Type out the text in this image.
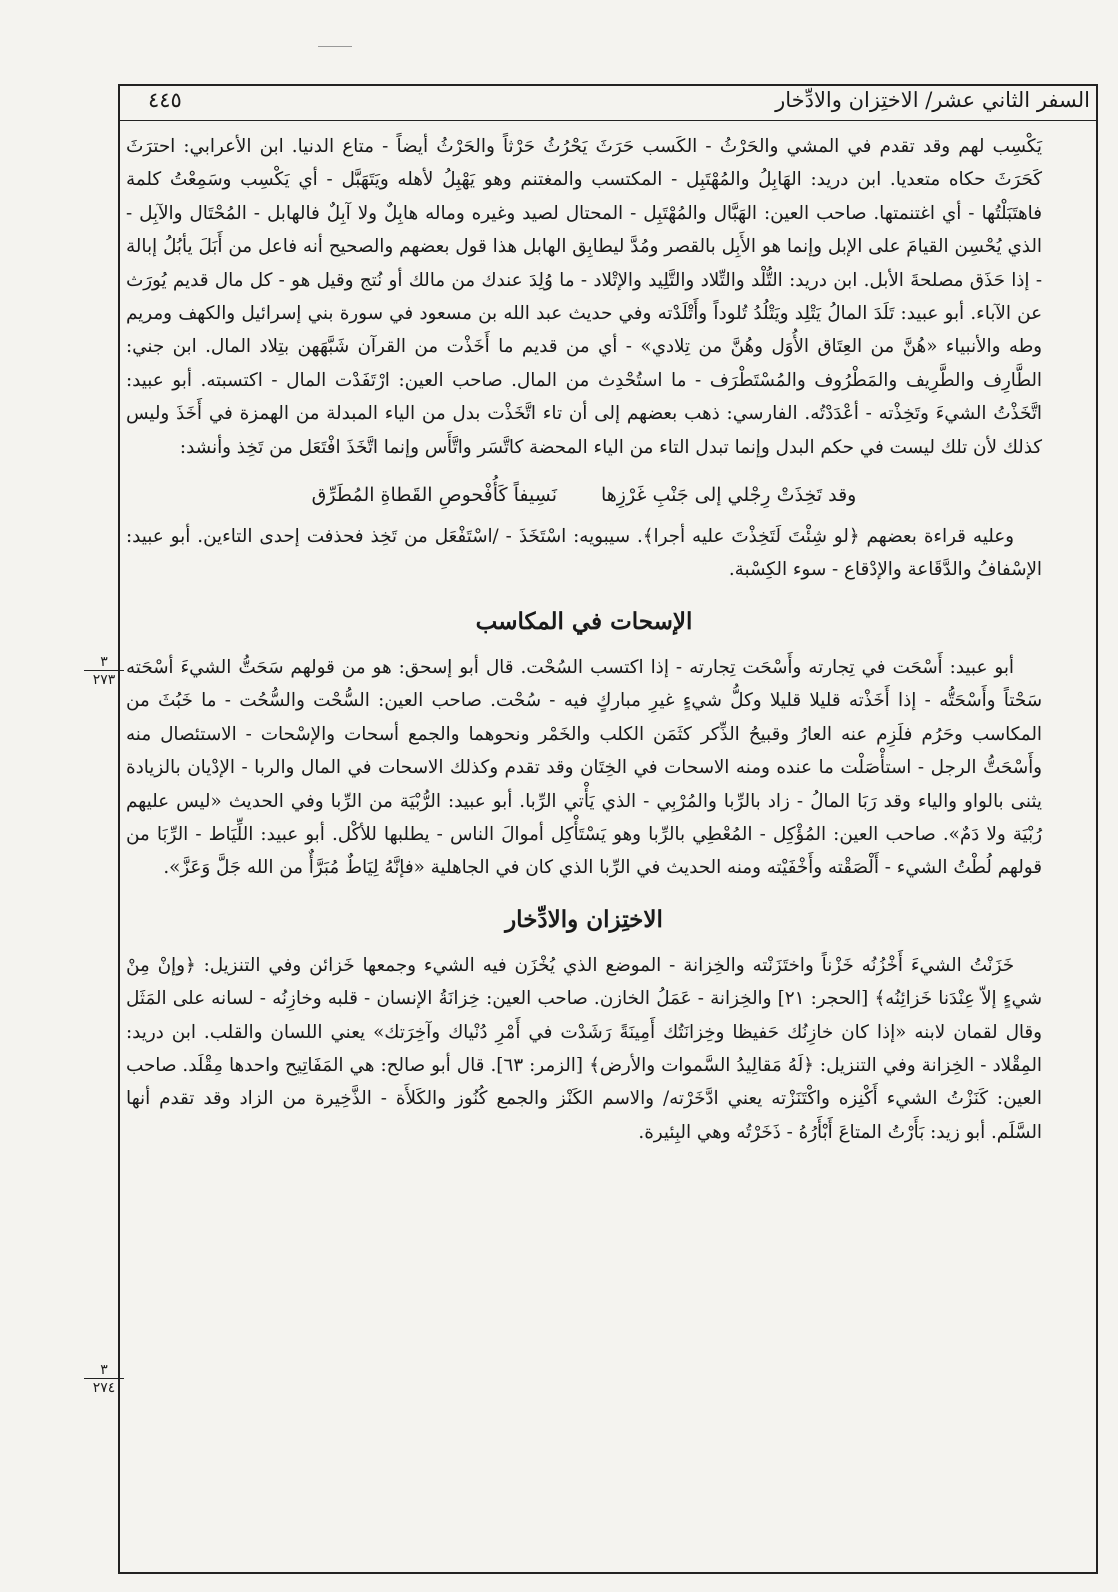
السفر الثاني عشر/ الاختِزان والادِّخار
٤٤٥
٣
٢٧٣
٣
٢٧٤

يَكْسِب لهم وقد تقدم في المشي والحَرْثُ - الكَسب حَرَثَ يَحْرُثُ حَرْثاً والحَرْثُ أيضاً - متاع الدنيا. ابن الأعرابي: احترَثَ كَحَرَثَ حكاه متعديا. ابن دريد: الهَابِلُ والمُهْتَبِل - المكتسب والمغتنم وهو يَهْبِلُ لأهله ويَتَهَبَّل - أي يَكْسِب وسَمِعْتُ كلمة فاهتَبَلْتُها - أي اغتنمتها. صاحب العين: الهَبَّال والمُهْتَبِل - المحتال لصيد وغيره وماله هابِلٌ ولا آبِلٌ فالهابل - المُحْتَال والآبِل - الذي يُحْسِن القيامَ على الإبل وإنما هو الأَبِل بالقصر ومُدَّ ليطابِق الهابل هذا قول بعضهم والصحيح أنه فاعل من أَبَلَ يأبُلُ إبالة - إذا حَذَق مصلحةَ الأبل. ابن دريد: التُّلْد والتِّلاد والتَّلِيد والإتْلاد - ما وُلِدَ عندك من مالك أو نُتج وقيل هو - كل مال قديم يُورَث عن الآباء. أبو عبيد: تَلَدَ المالُ يَتْلِد ويَتْلُدُ تُلوداً وأَتْلَدْته وفي حديث عبد الله بن مسعود في سورة بني إسرائيل والكهف ومريم وطه والأنبياء «هُنَّ من العِتَاق الأُوَل وهُنَّ من تِلادي» - أي من قديم ما أَخَذْت من القرآن شَبَّهَهن بتِلاد المال. ابن جني: الطَّارِف والطَّرِيف والمَطْرُوف والمُسْتَطْرَف - ما استُحْدِث من المال. صاحب العين: ارْتَفَدْت المال - اكتسبته. أبو عبيد: اتَّخَذْتُ الشيءَ وتَخِذْته - أعْدَدْتُه. الفارسي: ذهب بعضهم إلى أن تاء اتَّخَذْت بدل من الياء المبدلة من الهمزة في أَخَذَ وليس كذلك لأن تلك ليست في حكم البدل وإنما تبدل التاء من الياء المحضة كاتَّسَر واتَّأَس وإنما اتَّخَذَ افْتَعَل من تَخِذ وأنشد:

وقد تَخِذَتْ رِجْلي إلى جَنْبِ غَرْزِها
نَسِيفاً كَأُفْحوصِ القَطاةِ المُطَرِّق

وعليه قراءة بعضهم ﴿لو شِئْتَ لَتَخِذْتَ عليه أجرا﴾. سيبويه: اسْتَخَذَ - /اسْتَفْعَل من تَخِذ فحذفت إحدى التاءين. أبو عبيد: الإسْفافُ والدَّقَاعة والإدْقاع - سوء الكِسْبة.

الإسحات في المكاسب

أبو عبيد: أَسْحَت في تِجارته وأَسْحَت تِجارته - إذا اكتسب السُحْت. قال أبو إسحق: هو من قولهم سَحَتُّ الشيءَ أسْحَته سَحْتاً وأَسْحَتُّه - إذا أَخَذْته قليلا قليلا وكلُّ شيءٍ غيرِ مباركٍ فيه - سُحْت. صاحب العين: السُّحْت والسُّحُت - ما خَبُثَ من المكاسب وحَرُم فلَزِم عنه العارُ وقبيحُ الذِّكر كثَمَن الكلب والخَمْر ونحوهما والجمع أسحات والإسْحات - الاستئصال منه وأَسْحَتُّ الرجل - استأْصَلْت ما عنده ومنه الاسحات في الخِتَان وقد تقدم وكذلك الاسحات في المال والربا - الإدْيان بالزيادة يثنى بالواو والياء وقد رَبَا المالُ - زاد بالرِّبا والمُرْبِي - الذي يَأْتي الرِّبا. أبو عبيد: الرُّبْيَة من الرِّبا وفي الحديث «ليس عليهم رُبْيَة ولا دَمٌ». صاحب العين: المُؤْكِل - المُعْطِي بالرِّبا وهو يَسْتَأْكِل أموالَ الناس - يطلبها للأكْل. أبو عبيد: اللِّيَاط - الرِّبَا من قولهم لُطْتُ الشيء - أَلْصَقْته وأَخْفَيْته ومنه الحديث في الرِّبا الذي كان في الجاهلية «فإنَّهُ لِيَاطٌ مُبَرَّأٌ من الله جَلَّ وَعَزَّ».

الاختِزان والادِّخار

خَزَنْتُ الشيءَ أَخْزُنُه خَزْناً واختَزَنْته والخِزانة - الموضع الذي يُخْزَن فيه الشيء وجمعها خَزائن وفي التنزيل: ﴿وإنْ مِنْ شيءٍ إلاّ عِنْدَنا خَزائِنُه﴾ [الحجر: ٢١] والخِزانة - عَمَلُ الخازن. صاحب العين: خِزانَةُ الإنسان - قلبه وخازِنُه - لسانه على المَثَل وقال لقمان لابنه «إذا كان خازِنُك حَفيظا وخِزانَتُك أَمِينَةً رَشَدْت في أَمْرِ دُنْياك وآخِرَتك» يعني اللسان والقلب. ابن دريد: المِقْلاد - الخِزانة وفي التنزيل: ﴿لَهُ مَقالِيدُ السَّموات والأرض﴾ [الزمر: ٦٣]. قال أبو صالح: هي المَفَاتِيح واحدها مِقْلَد. صاحب العين: كَنَزْتُ الشيء أَكْنِزه واكْتَنَزْته يعني ادَّخَرْته/ والاسم الكَنْز والجمع كُنُوز والكَلأَة - الذَّخِيرة من الزاد وقد تقدم أنها السَّلَم. أبو زيد: بَأَرْتُ المتاعَ أَبْأَرُهُ - ذَخَرْتُه وهي البِئيرة.
